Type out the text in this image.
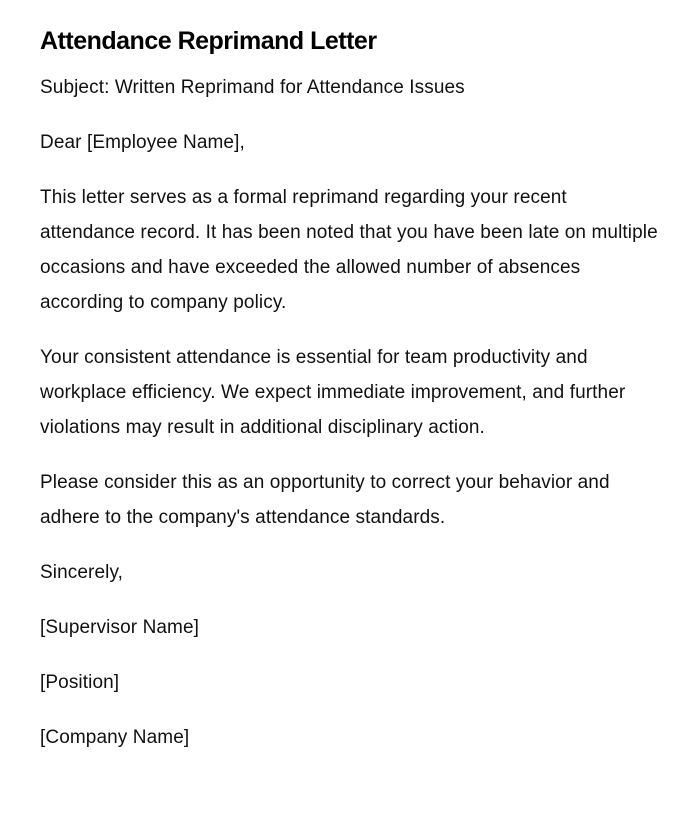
Attendance Reprimand Letter

Subject: Written Reprimand for Attendance Issues

Dear [Employee Name],

This letter serves as a formal reprimand regarding your recent attendance record. It has been noted that you have been late on multiple occasions and have exceeded the allowed number of absences according to company policy.

Your consistent attendance is essential for team productivity and workplace efficiency. We expect immediate improvement, and further violations may result in additional disciplinary action.

Please consider this as an opportunity to correct your behavior and adhere to the company's attendance standards.

Sincerely,

[Supervisor Name]

[Position]

[Company Name]
